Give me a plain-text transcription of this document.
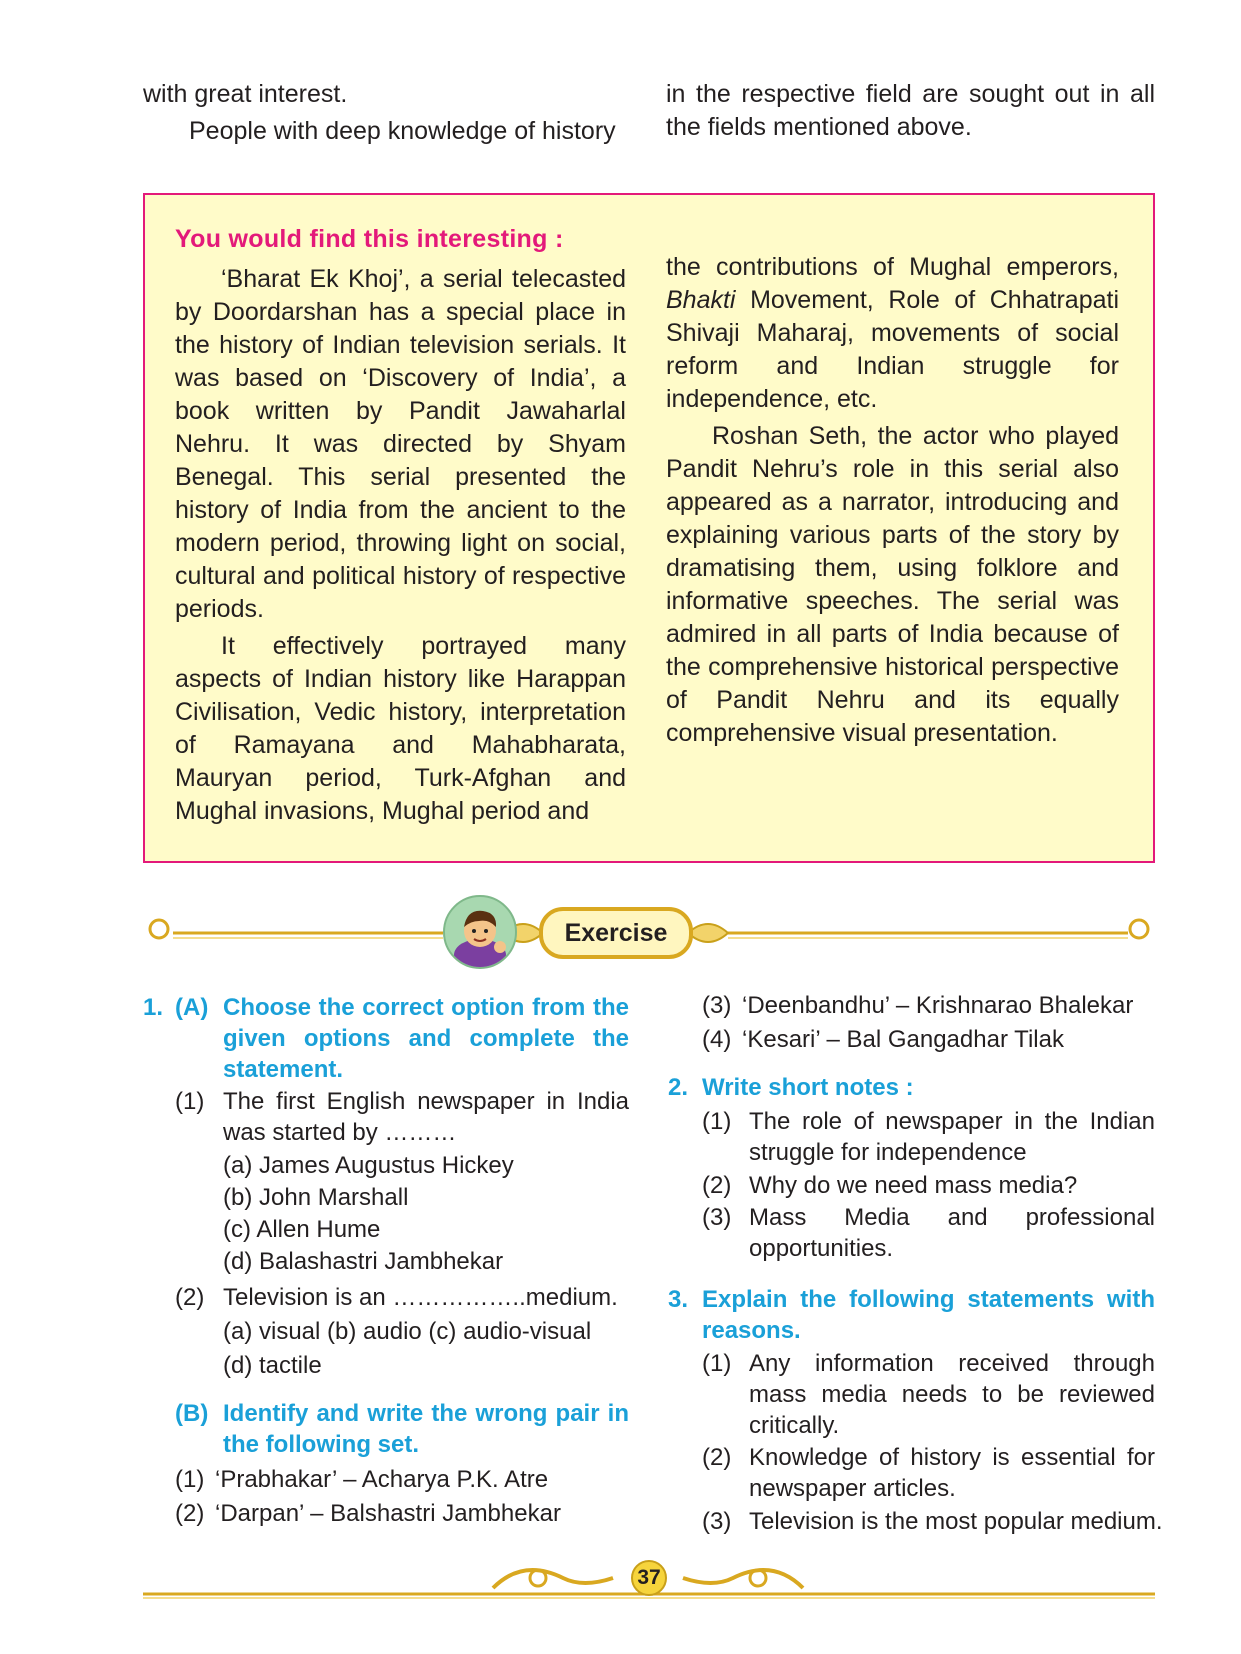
with great interest.

People with deep knowledge of history

in the respective field are sought out in all the fields mentioned above.

You would find this interesting :

‘Bharat Ek Khoj’, a serial telecasted by Doordarshan has a special place in the history of Indian television serials. It was based on ‘Discovery of India’, a book written by Pandit Jawaharlal Nehru. It was directed by Shyam Benegal. This serial presented the history of India from the ancient to the modern period, throwing light on social, cultural and political history of respective periods.

It effectively portrayed many aspects of Indian history like Harappan Civilisation, Vedic history, interpretation of Ramayana and Mahabharata, Mauryan period, Turk-Afghan and Mughal invasions, Mughal period and

the contributions of Mughal emperors, Bhakti Movement, Role of Chhatrapati Shivaji Maharaj, movements of social reform and Indian struggle for independence, etc.

Roshan Seth, the actor who played Pandit Nehru’s role in this serial also appeared as a narrator, introducing and explaining various parts of the story by dramatising them, using folklore and informative speeches. The serial was admired in all parts of India because of the comprehensive historical perspective of Pandit Nehru and its equally comprehensive visual presentation.

Exercise
1. (A) Choose the correct option from the given options and complete the statement.
(1) The first English newspaper in India was started by ………
(a) James Augustus Hickey
(b) John Marshall
(c) Allen Hume
(d) Balashastri Jambhekar
(2) Television is an ……………..medium.
(a) visual (b) audio (c) audio-visual
(d) tactile
(B) Identify and write the wrong pair in the following set.
(1) ‘Prabhakar’ – Acharya P.K. Atre
(2) ‘Darpan’ – Balshastri Jambhekar
(3) ‘Deenbandhu’ – Krishnarao Bhalekar
(4) ‘Kesari’ – Bal Gangadhar Tilak
2. Write short notes :
(1) The role of newspaper in the Indian struggle for independence
(2) Why do we need mass media?
(3) Mass Media and professional opportunities.
3. Explain the following statements with reasons.
(1) Any information received through mass media needs to be reviewed critically.
(2) Knowledge of history is essential for newspaper articles.
(3) Television is the most popular medium.
37
